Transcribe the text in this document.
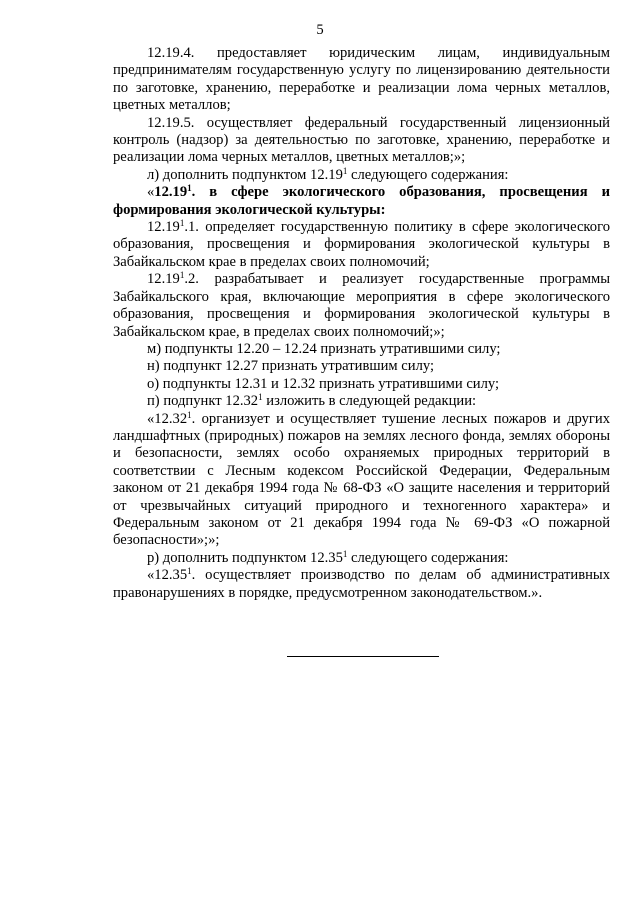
5

12.19.4. предоставляет юридическим лицам, индивидуальным предпринимателям государственную услугу по лицензированию деятельности по заготовке, хранению, переработке и реализации лома черных металлов, цветных металлов;

12.19.5. осуществляет федеральный государственный лицензионный контроль (надзор) за деятельностью по заготовке, хранению, переработке и реализации лома черных металлов, цветных металлов;»;

л) дополнить подпунктом 12.19$^1$ следующего содержания:

«12.19$^1$. в сфере экологического образования, просвещения и формирования экологической культуры:

12.19$^1$.1. определяет государственную политику в сфере экологического образования, просвещения и формирования экологической культуры в Забайкальском крае в пределах своих полномочий;

12.19$^1$.2. разрабатывает и реализует государственные программы Забайкальского края, включающие мероприятия в сфере экологического образования, просвещения и формирования экологической культуры в Забайкальском крае, в пределах своих полномочий;»;

м) подпункты 12.20 – 12.24 признать утратившими силу;

н) подпункт 12.27 признать утратившим силу;

о) подпункты 12.31 и 12.32 признать утратившими силу;

п) подпункт 12.32$^1$ изложить в следующей редакции:

«12.32$^1$. организует и осуществляет тушение лесных пожаров и других ландшафтных (природных) пожаров на землях лесного фонда, землях обороны и безопасности, землях особо охраняемых природных территорий в соответствии с Лесным кодексом Российской Федерации, Федеральным законом от 21 декабря 1994 года № 68-ФЗ «О защите населения и территорий от чрезвычайных ситуаций природного и техногенного характера» и Федеральным законом от 21 декабря 1994 года № 69-ФЗ «О пожарной безопасности»;»;

р) дополнить подпунктом 12.35$^1$ следующего содержания:

«12.35$^1$. осуществляет производство по делам об административных правонарушениях в порядке, предусмотренном законодательством.».
